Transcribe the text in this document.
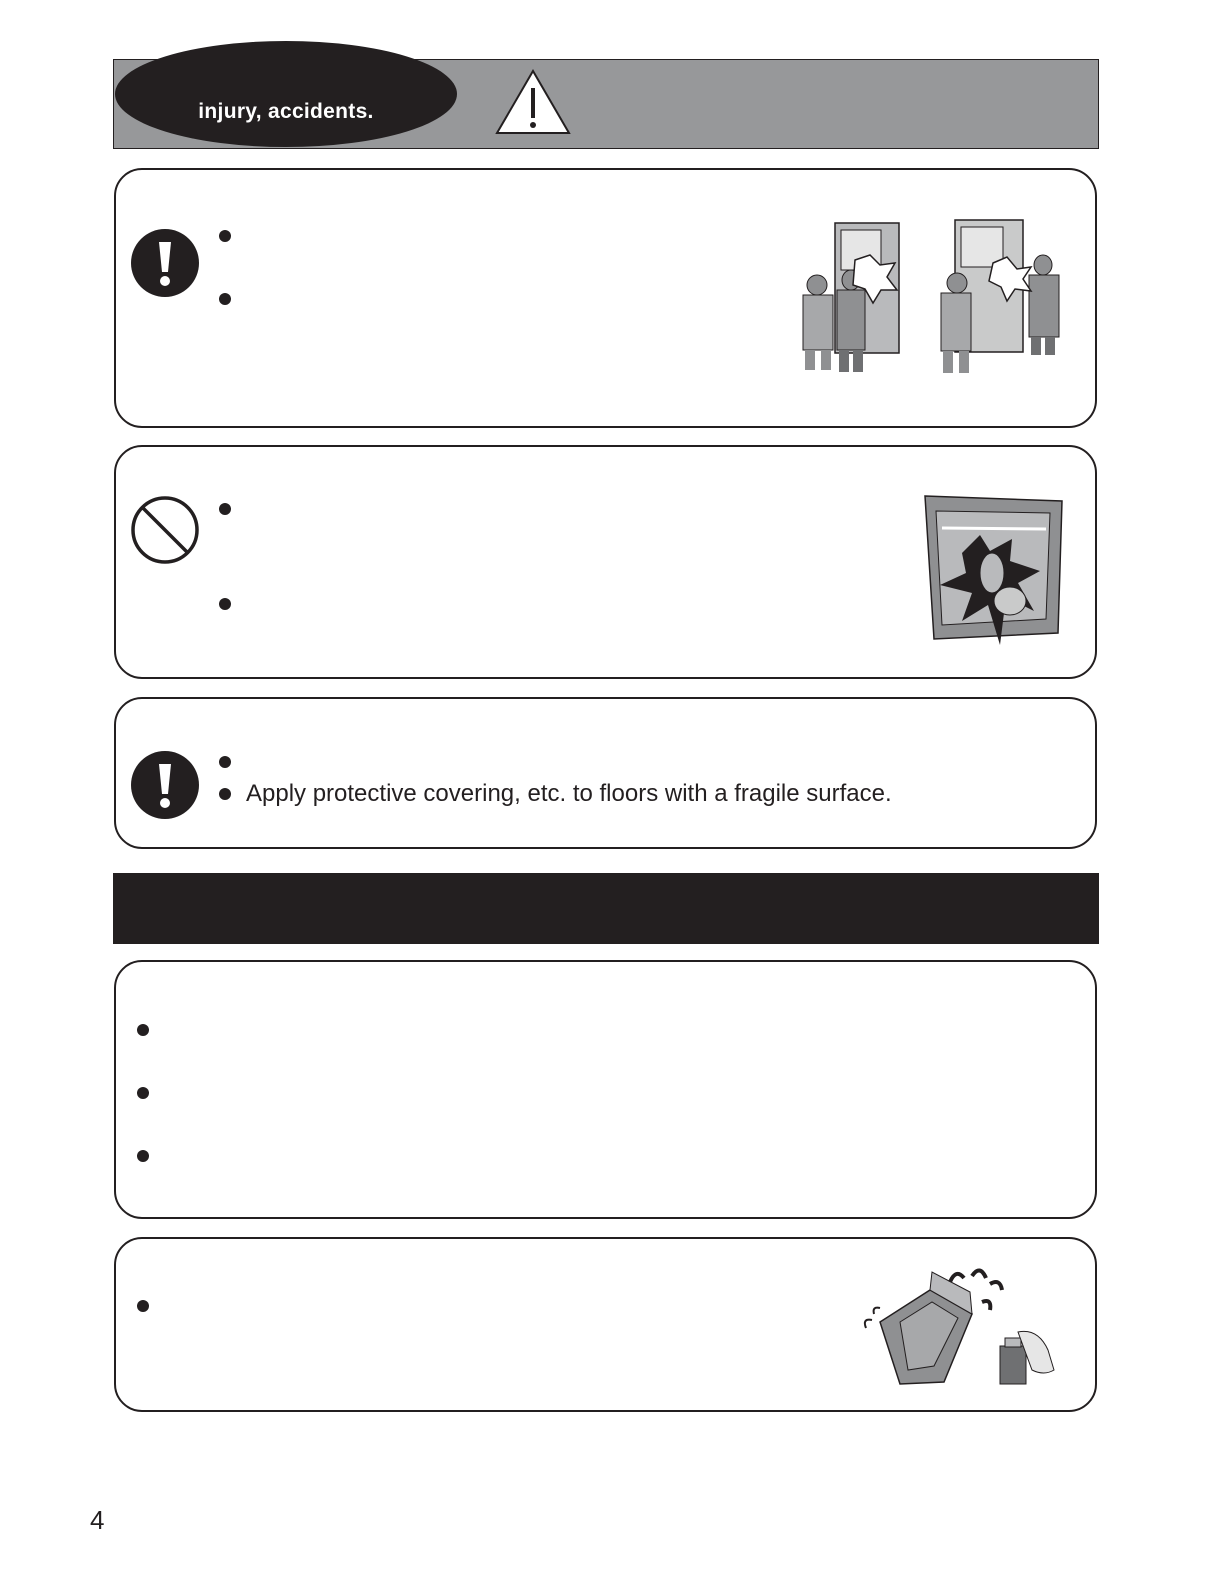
injury, accidents.
Apply protective covering, etc. to floors with a fragile surface.
4
